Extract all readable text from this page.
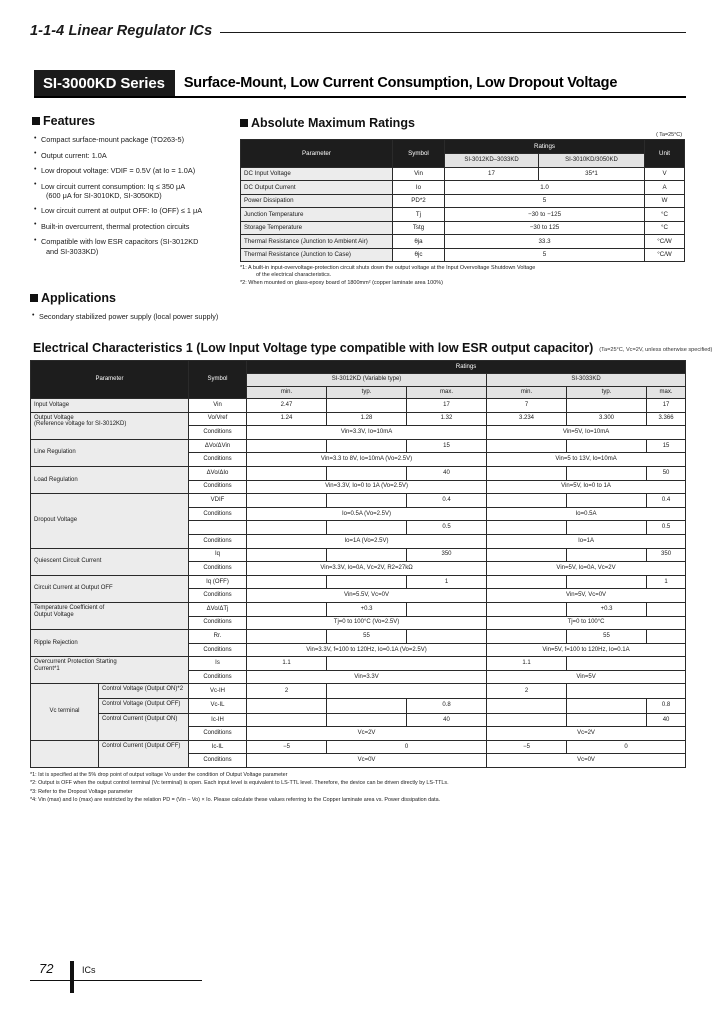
1-1-4 Linear Regulator ICs
SI-3000KD Series	Surface-Mount, Low Current Consumption, Low Dropout Voltage
Features
• Compact surface-mount package (TO263-5)
• Output current: 1.0A
• Low dropout voltage: VDIF = 0.5V (at Io = 1.0A)
• Low circuit current consumption: Iq ≤ 350 μA
(600 μA for SI-3010KD, SI-3050KD)
• Low circuit current at output OFF: Io (OFF) ≤ 1 μA
• Built-in overcurrent, thermal protection circuits
• Compatible with low ESR capacitors (SI-3012KD
and SI-3033KD)
Applications
• Secondary stabilized power supply (local power supply)
Absolute Maximum Ratings
( Ta=25°C)
Parameter	Symbol	Ratings		Unit
		SI-3012KD–3033KD	SI-3010KD/3050KD	
DC Input Voltage	Vin	17	35*1	V
DC Output Current	Io	1.0		A
Power Dissipation	PD*2	5		W
Junction Temperature	Tj	−30 to −125		°C
Storage Temperature	Tstg	−30 to 125		°C
Thermal Resistance (Junction to Ambient Air)	θja	33.3		°C/W
Thermal Resistance (Junction to Case)	θjc	5		°C/W
*1: A built-in input-overvoltage-protection circuit shuts down the output voltage at the Input Overvoltage Shutdown Voltage
of the electrical characteristics.
*2: When mounted on glass-epoxy board of 1800mm² (copper laminate area 100%)
Electrical Characteristics 1 (Low Input Voltage type compatible with low ESR output capacitor) (Ta=25°C, Vc=2V, unless otherwise specified)
Parameter		Symbol	Ratings	
			SI-3012KD (Variable type)			SI-3033KD			
			min.	typ.	max.	min.	typ.	max.	
Input Voltage		Vin	2.47		17	7		17	

Output Voltage
(Reference voltage for SI-3012KD)		Vo/Vref	1.24	1.28	1.32	3.234	3.300	3.366	
		Conditions	Vin=3.3V, Io=10mA			Vin=5V, Io=10mA			
Line Regulation		ΔVo/ΔVin			15			15	
		Conditions	Vin=3.3 to 8V, Io=10mA (Vo=2.5V)			Vin=5 to 13V, Io=10mA			
Load Regulation		ΔVo/ΔIo			40			50	
		Conditions	Vin=3.3V, Io=0 to 1A (Vo=2.5V)			Vin=5V, Io=0 to 1A			
Dropout Voltage		VDIF			0.4			0.4	
		Conditions	Io=0.5A (Vo=2.5V)			Io=0.5A			
					0.5			0.5	
		Conditions	Io=1A (Vo=2.5V)			Io=1A			
Quiescent Circuit Current		Iq			350			350	
		Conditions	Vin=3.3V, Io=0A, Vc=2V, R2=27kΩ			Vin=5V, Io=0A, Vc=2V			
Circuit Current at Output OFF		Iq (OFF)			1			1	
		Conditions	Vin=5.5V, Vc=0V			Vin=5V, Vc=0V			

Temperature Coefficient of
Output Voltage		ΔVo/ΔTj		+0.3			+0.3		
		Conditions	Tj=0 to 100°C (Vo=2.5V)			Tj=0 to 100°C			
Ripple Rejection		Rr.		55			55		
		Conditions	Vin=3.3V, f=100 to 120Hz, Io=0.1A (Vo=2.5V)			Vin=5V, f=100 to 120Hz, Io=0.1A			

Overcurrent Protection Starting
Current*1		Is	1.1			1.1		
		Conditions	Vin=3.3V			Vin=5V			
Vc terminal	Control Voltage (Output ON)*2	Vc-IH	2			2		
	Control Voltage (Output OFF)	Vc-IL			0.8			0.8	
	Control Current (Output ON)	Ic-IH			40			40	
		Conditions	Vc=2V			Vc=2V			
	Control Current (Output OFF)	Ic-IL	−5	0		−5	0	
		Conditions	Vc=0V			Vc=0V			
*1: Ist is specified at the 5% drop point of output voltage Vo under the condition of Output Voltage parameter
*2: Output is OFF when the output control terminal (Vc terminal) is open. Each input level is equivalent to LS-TTL level. Therefore, the device can be driven directly by LS-TTLs.
*3: Refer to the Dropout Voltage parameter
*4: Vin (max) and Io (max) are restricted by the relation PD = (Vin − Vo) × Io. Please calculate these values referring to the Copper laminate area vs. Power dissipation data.
72	ICs
